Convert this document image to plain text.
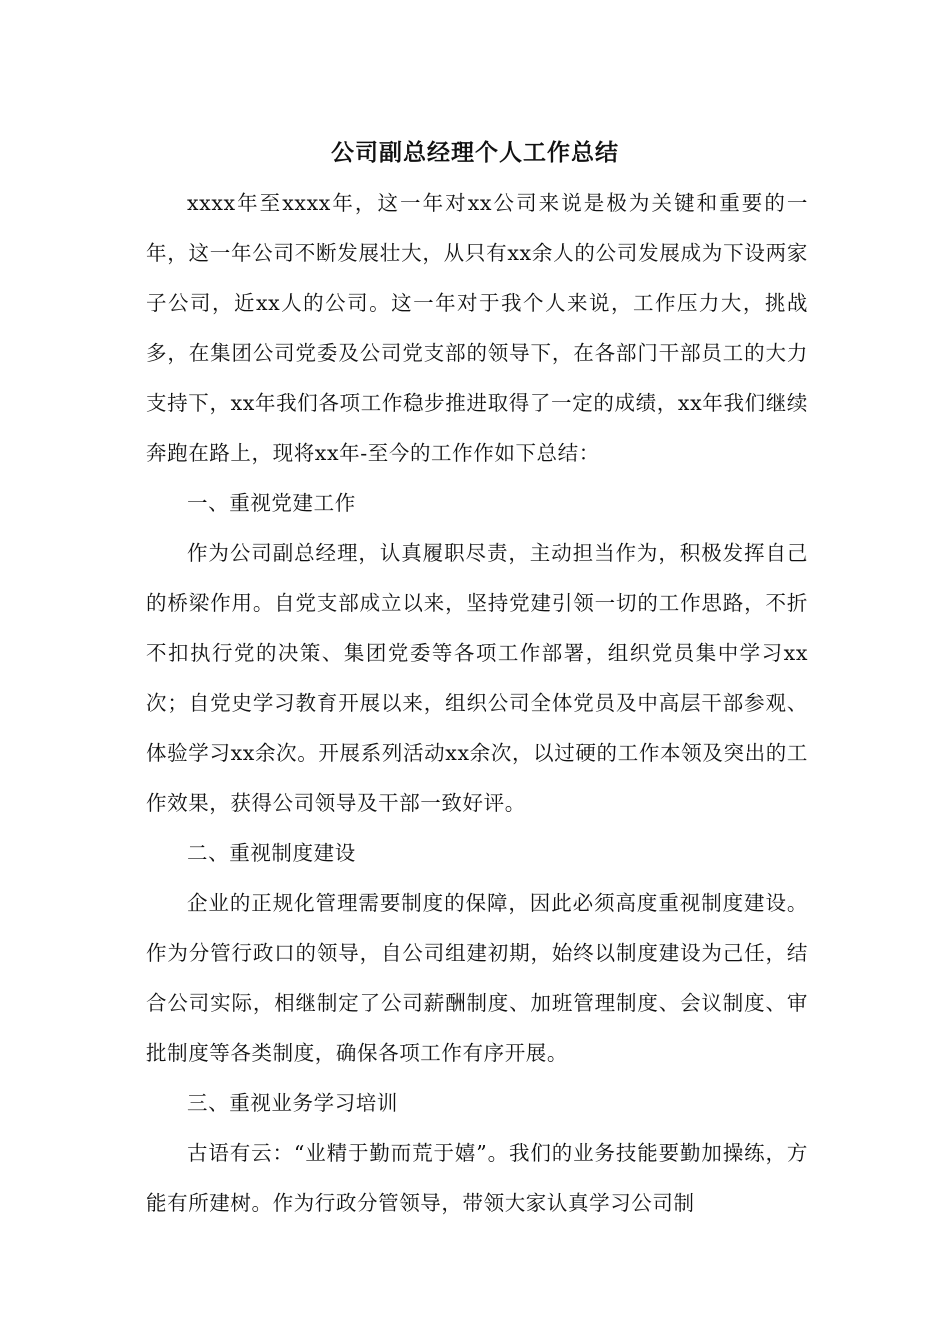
公司副总经理个人工作总结

xxxx年至xxxx年，这一年对xx公司来说是极为关键和重要的一年，这一年公司不断发展壮大，从只有xx余人的公司发展成为下设两家子公司，近xx人的公司。这一年对于我个人来说，工作压力大，挑战多，在集团公司党委及公司党支部的领导下，在各部门干部员工的大力支持下，xx年我们各项工作稳步推进取得了一定的成绩，xx年我们继续奔跑在路上，现将xx年-至今的工作作如下总结：

一、重视党建工作

作为公司副总经理，认真履职尽责，主动担当作为，积极发挥自己的桥梁作用。自党支部成立以来，坚持党建引领一切的工作思路，不折不扣执行党的决策、集团党委等各项工作部署，组织党员集中学习xx次；自党史学习教育开展以来，组织公司全体党员及中高层干部参观、体验学习xx余次。开展系列活动xx余次，以过硬的工作本领及突出的工作效果，获得公司领导及干部一致好评。

二、重视制度建设

企业的正规化管理需要制度的保障，因此必须高度重视制度建设。作为分管行政口的领导，自公司组建初期，始终以制度建设为己任，结合公司实际，相继制定了公司薪酬制度、加班管理制度、会议制度、审批制度等各类制度，确保各项工作有序开展。

三、重视业务学习培训

古语有云：“业精于勤而荒于嬉”。我们的业务技能要勤加操练，方能有所建树。作为行政分管领导，带领大家认真学习公司制
